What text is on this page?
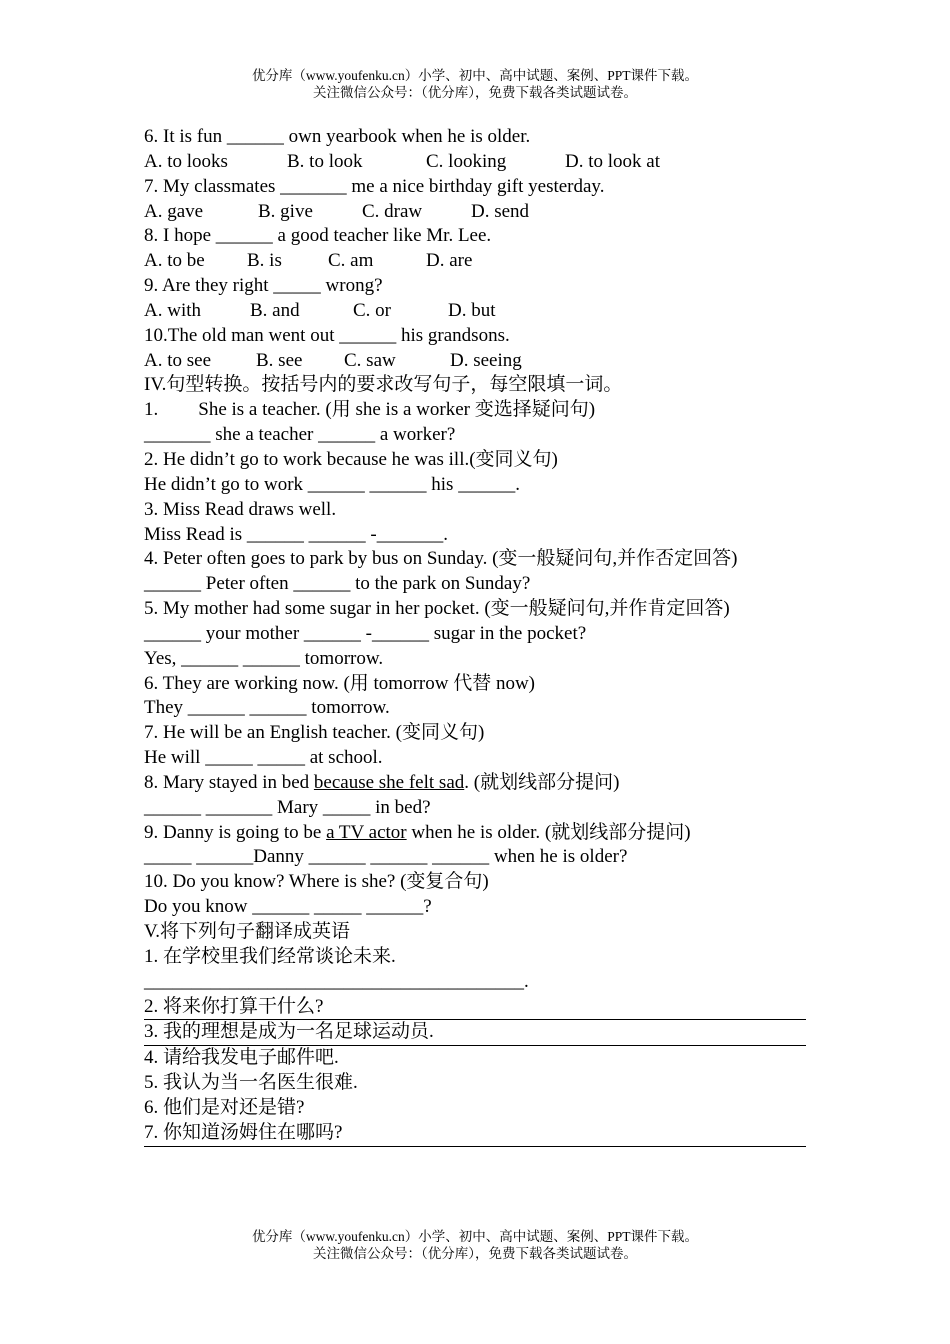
优分库（www.youfenku.cn）小学、初中、高中试题、案例、PPT课件下载。
关注微信公众号：（优分库），免费下载各类试题试卷。
6. It is fun ______ own yearbook when he is older.
A. to looks	B. to look	C. looking	D. to look at
7. My classmates _______ me a nice birthday gift yesterday.
A. gave	B. give	C. draw	D. send
8. I hope ______ a good teacher like Mr. Lee.
A. to be B. is C. am	D. are
9. Are they right _____ wrong?
A. with	B. and	C. or	D. but
10.The old man went out ______ his grandsons.
A. to see B. see C. saw	D. seeing
IV.句型转换。按括号内的要求改写句子，每空限填一词。
1. She is a teacher. (用 she is a worker 变选择疑问句)
_______ she a teacher ______ a worker?
2. He didn’t go to work because he was ill.(变同义句)
He didn’t go to work ______ ______ his ______.
3. Miss Read draws well.
Miss Read is ______ ______ -_______.
4. Peter often goes to park by bus on Sunday. (变一般疑问句,并作否定回答)
______ Peter often ______ to the park on Sunday?
5. My mother had some sugar in her pocket. (变一般疑问句,并作肯定回答)
______ your mother ______ -______ sugar in the pocket?
Yes, ______ ______ tomorrow.
6. They are working now. (用 tomorrow 代替 now)
They ______ ______ tomorrow.
7. He will be an English teacher. (变同义句)
He will _____ _____ at school.
8. Mary stayed in bed because she felt sad. (就划线部分提问)
______ _______ Mary _____ in bed?
9. Danny is going to be a TV actor when he is older. (就划线部分提问)
_____ ______Danny ______ ______ ______ when he is older?
10. Do you know? Where is she? (变复合句)
Do you know ______ _____ ______?
V.将下列句子翻译成英语
1. 在学校里我们经常谈论未来.
________________________________________.
2. 将来你打算干什么?
3. 我的理想是成为一名足球运动员.
4. 请给我发电子邮件吧.
5. 我认为当一名医生很难.
6. 他们是对还是错?
7. 你知道汤姆住在哪吗?
优分库（www.youfenku.cn）小学、初中、高中试题、案例、PPT课件下载。
关注微信公众号：（优分库），免费下载各类试题试卷。
